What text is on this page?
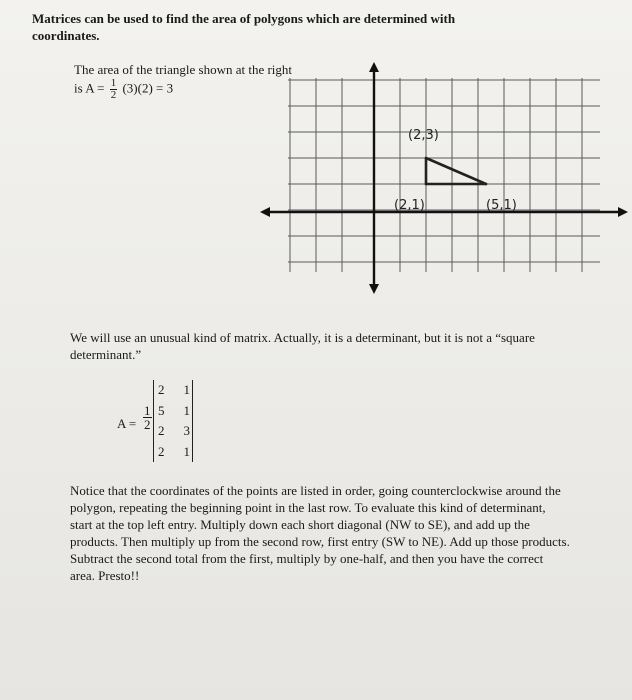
Matrices can be used to find the area of polygons which are determined with coordinates.
The area of the triangle shown at the right
is $A = \frac{1}{2} (3)(2) = 3$
(2,3)
(2,1)	(5,1)
We will use an unusual kind of matrix. Actually, it is a determinant, but it is not a “square determinant.”
$A = \frac{1}{2}$
2	1
5	1
2	3
2	1

Notice that the coordinates of the points are listed in order, going counterclockwise around the polygon, repeating the beginning point in the last row. To evaluate this kind of determinant, start at the top left entry. Multiply down each short diagonal (NW to SE), and add up the products. Then multiply up from the second row, first entry (SW to NE). Add up those products.

Subtract the second total from the first, multiply by one-half, and then you have the correct area. Presto!!
